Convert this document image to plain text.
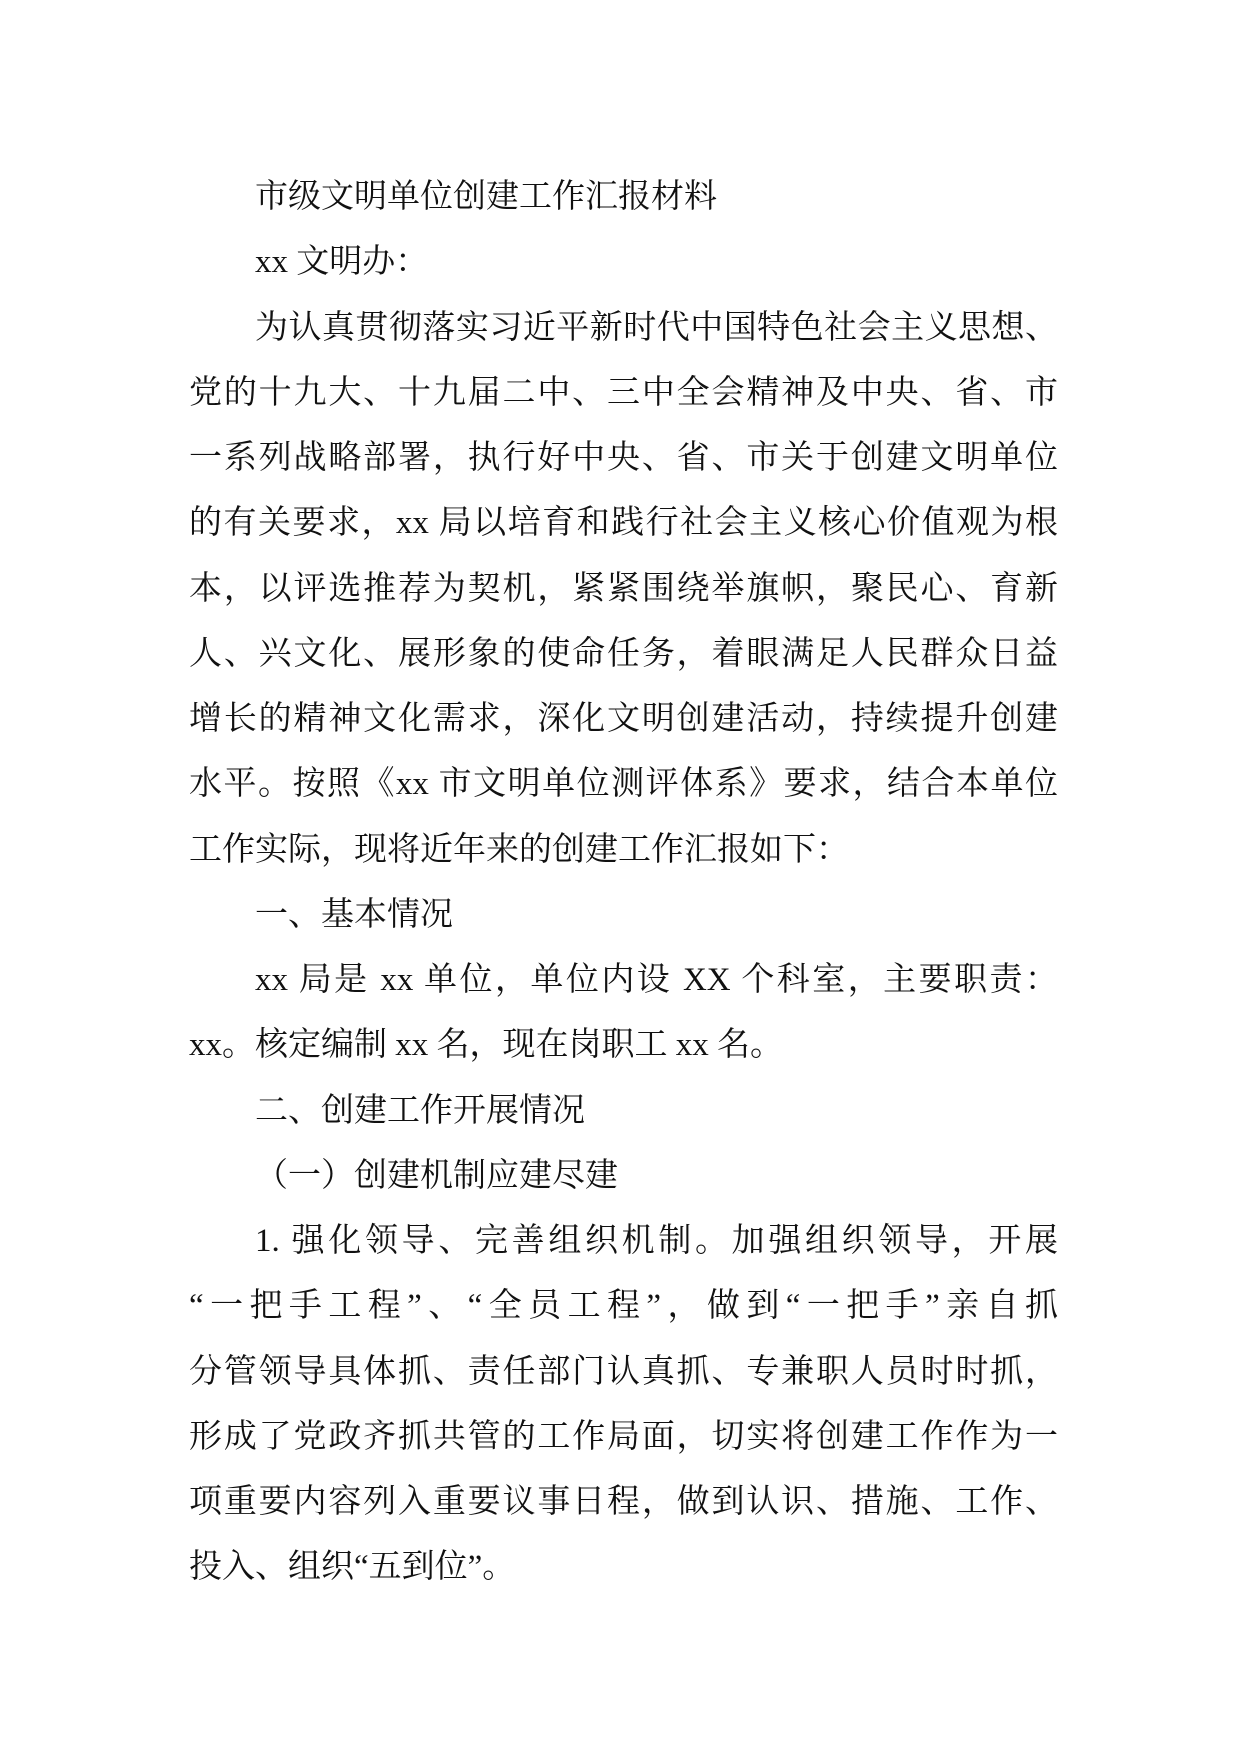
市级文明单位创建工作汇报材料
xx 文明办：
为认真贯彻落实习近平新时代中国特色社会主义思想、
党的十九大、十九届二中、三中全会精神及中央、省、市
一系列战略部署，执行好中央、省、市关于创建文明单位
的有关要求，xx 局以培育和践行社会主义核心价值观为根
本，以评选推荐为契机，紧紧围绕举旗帜，聚民心、育新
人、兴文化、展形象的使命任务，着眼满足人民群众日益
增长的精神文化需求，深化文明创建活动，持续提升创建
水平。按照《xx 市文明单位测评体系》要求，结合本单位
工作实际，现将近年来的创建工作汇报如下：
一、基本情况
xx 局是 xx 单位，单位内设 XX 个科室，主要职责：
xx。核定编制 xx 名，现在岗职工 xx 名。
二、创建工作开展情况
（一）创建机制应建尽建
1. 强化领导、完善组织机制。加强组织领导，开展
“一把手工程”、“全员工程”，做到“一把手”亲自抓
分管领导具体抓、责任部门认真抓、专兼职人员时时抓，
形成了党政齐抓共管的工作局面，切实将创建工作作为一
项重要内容列入重要议事日程，做到认识、措施、工作、
投入、组织“五到位”。
